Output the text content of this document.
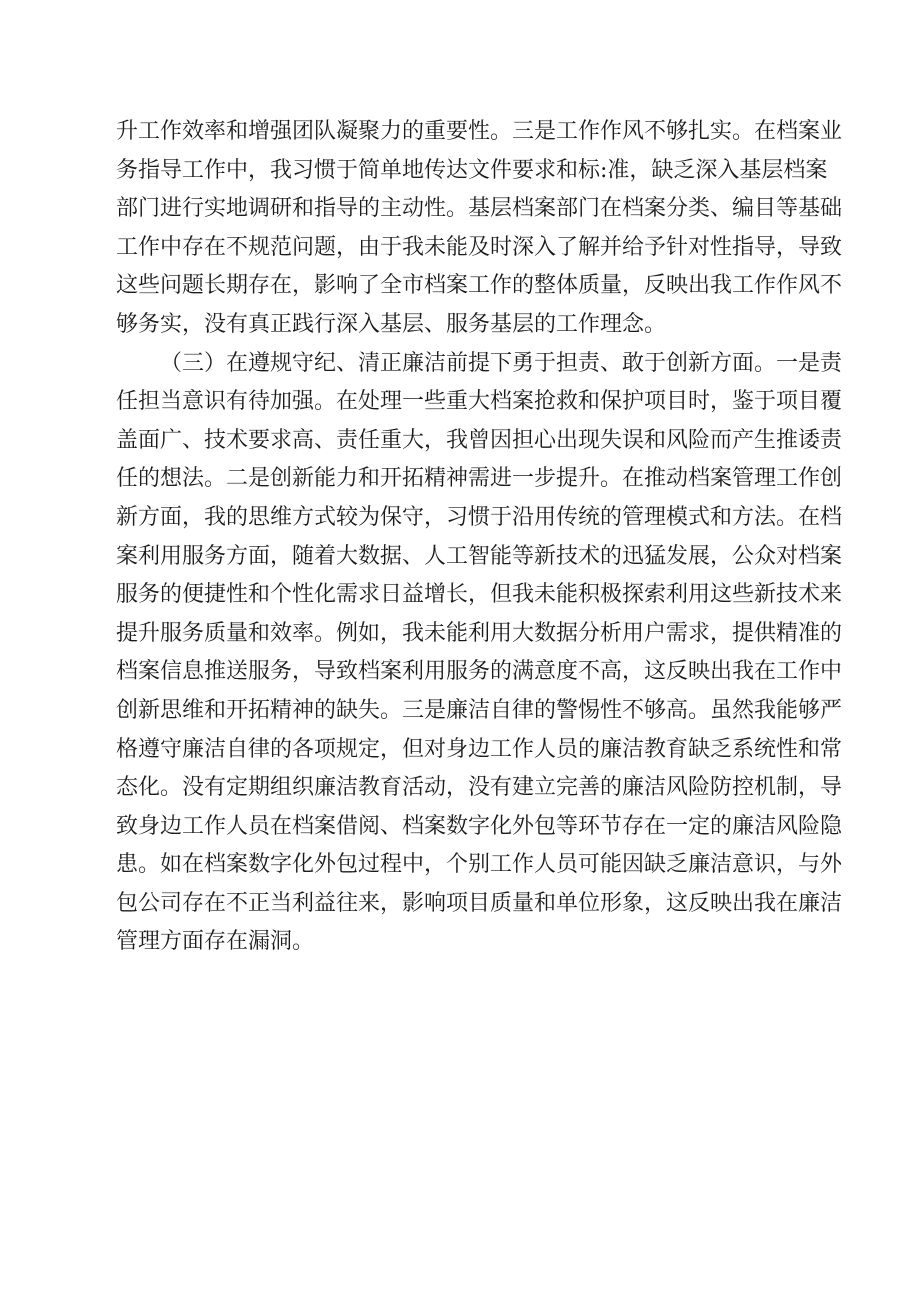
升工作效率和增强团队凝聚力的重要性。三是工作作风不够扎实。在档案业
务指导工作中，我习惯于简单地传达文件要求和标:准，缺乏深入基层档案
部门进行实地调研和指导的主动性。基层档案部门在档案分类、编目等基础
工作中存在不规范问题，由于我未能及时深入了解并给予针对性指导，导致
这些问题长期存在，影响了全市档案工作的整体质量，反映出我工作作风不
够务实，没有真正践行深入基层、服务基层的工作理念。

（三）在遵规守纪、清正廉洁前提下勇于担责、敢于创新方面。一是责
任担当意识有待加强。在处理一些重大档案抢救和保护项目时，鉴于项目覆
盖面广、技术要求高、责任重大，我曾因担心出现失误和风险而产生推诿责
任的想法。二是创新能力和开拓精神需进一步提升。在推动档案管理工作创
新方面，我的思维方式较为保守，习惯于沿用传统的管理模式和方法。在档
案利用服务方面，随着大数据、人工智能等新技术的迅猛发展，公众对档案
服务的便捷性和个性化需求日益增长，但我未能积极探索利用这些新技术来
提升服务质量和效率。例如，我未能利用大数据分析用户需求，提供精准的
档案信息推送服务，导致档案利用服务的满意度不高，这反映出我在工作中
创新思维和开拓精神的缺失。三是廉洁自律的警惕性不够高。虽然我能够严
格遵守廉洁自律的各项规定，但对身边工作人员的廉洁教育缺乏系统性和常
态化。没有定期组织廉洁教育活动，没有建立完善的廉洁风险防控机制，导
致身边工作人员在档案借阅、档案数字化外包等环节存在一定的廉洁风险隐
患。如在档案数字化外包过程中，个别工作人员可能因缺乏廉洁意识，与外
包公司存在不正当利益往来，影响项目质量和单位形象，这反映出我在廉洁
管理方面存在漏洞。
